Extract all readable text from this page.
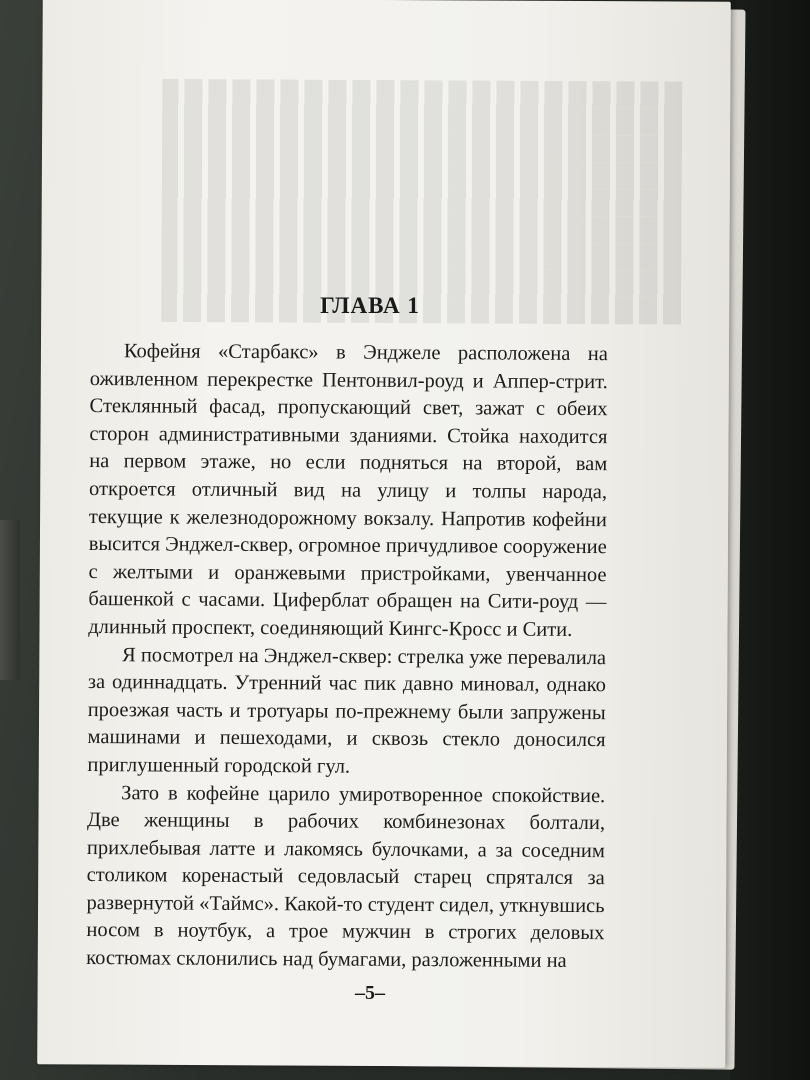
ГЛАВА 1

Кофейня «Старбакс» в Энджеле расположена на оживленном перекрестке Пентонвил-роуд и Аппер-стрит. Стеклянный фасад, пропускающий свет, зажат с обеих сторон административными зданиями. Стойка находится на первом этаже, но если подняться на второй, вам откроется отличный вид на улицу и толпы народа, текущие к железнодорожному вокзалу. Напротив кофейни высится Энджел-сквер, огромное причудливое сооружение с желтыми и оранжевыми пристройками, увенчанное башенкой с часами. Циферблат обращен на Сити-роуд — длинный проспект, соединяющий Кингс-Кросс и Сити.

Я посмотрел на Энджел-сквер: стрелка уже перевалила за одиннадцать. Утренний час пик давно миновал, однако проезжая часть и тротуары по-прежнему были запружены машинами и пешеходами, и сквозь стекло доносился приглушенный городской гул.

Зато в кофейне царило умиротворенное спокойствие. Две женщины в рабочих комбинезонах болтали, прихлебывая латте и лакомясь булочками, а за соседним столиком коренастый седовласый старец спрятался за развернутой «Таймс». Какой-то студент сидел, уткнувшись носом в ноутбук, а трое мужчин в строгих деловых костюмах склонились над бумагами, разложенными на

–5–
